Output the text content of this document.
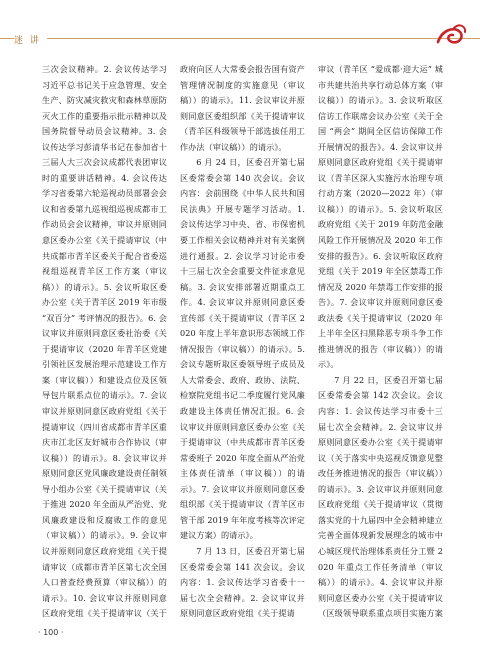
迷 讲

三次会议精神。2. 会议传达学习习近平总书记关于应急管理、安全生产、防灾减灾救灾和森林草原防灭火工作的重要指示批示精神以及国务院督导动员会议精神。3. 会议传达学习彭清华书记在参加省十三届人大三次会议成都代表团审议时的重要讲话精神。4. 会议传达学习省委第六轮巡视动员部署会会议和省委第九巡视组巡视成都市工作动员会会议精神，审议并原则同意区委办公室《关于提请审议（中共成都市青羊区委关于配合省委巡视组巡视青羊区工作方案（审议稿））的请示》。5. 会议听取区委办公室《关于青羊区 2019 年市级 “双百分” 考评情况的报告》。6. 会议审议并原则同意区委社治委《关于提请审议（2020 年青羊区党建引领社区发展治理示范建设工作方案（审议稿））和建设点位及区领导包片联系点位的请示》。7. 会议审议并原则同意区政府党组《关于提请审议（四川省成都市青羊区重庆市江北区友好城市合作协议（审议稿））的请示》。8. 会议审议并原则同意区党风廉政建设责任制领导小组办公室《关于提请审议（关于推进 2020 年全面从严治党、党风廉政建设和反腐败工作的意见（审议稿））的请示》。9. 会议审议并原则同意区政府党组《关于提请审议（成都市青羊区第七次全国人口普查经费预算（审议稿））的请示》。10. 会议审议并原则同意区政府党组《关于提请审议（关于

政府向区人大常委会报告国有资产管理情况制度的实施意见（审议稿））的请示》。11. 会议审议并原则同意区委组织部《关于提请审议（青羊区科级领导干部选拔任用工作办法（审议稿））的请示》。

6 月 24 日，区委召开第七届区委常委会第 140 次会议。会议内容：会前围绕《中华人民共和国民法典》开展专题学习活动。1. 会议传达学习中央、省、市保密机要工作相关会议精神并对有关案例进行通报。2. 会议学习讨论市委十三届七次全会重要文件征求意见稿。3. 会议安排部署近期重点工作。4. 会议审议并原则同意区委宣传部《关于提请审议（青羊区 2020 年度上半年意识形态领域工作情况报告（审议稿））的请示》。5. 会议专题听取区委领导班子成员及人大常委会、政府、政协、法院、检察院党组书记二季度履行党风廉政建设主体责任情况汇报。6. 会议审议并原则同意区委办公室《关于提请审议（中共成都市青羊区委常委班子 2020 年度全面从严治党主体责任清单（审议稿））的请示》。7. 会议审议并原则同意区委组织部《关于提请审议（青羊区市管干部 2019 年年度考核等次评定建议方案）的请示》。

7 月 13 日，区委召开第七届区委常委会第 141 次会议。会议内容：1. 会议传达学习省委十一届七次全会精神。2. 会议审议并原则同意区政府党组《关于提请

审议（青羊区 “爱成都·迎大运” 城市共建共治共享行动总体方案（审议稿））的请示》。3. 会议听取区信访工作联席会议办公室《关于全国 “两会” 期间全区信访保障工作开展情况的报告》。4. 会议审议并原则同意区政府党组《关于提请审议（青羊区深入实施污水治理专项行动方案（2020—2022 年）（审议稿））的请示》。5. 会议听取区政府党组《关于 2019 年防范金融风险工作开展情况及 2020 年工作安排的报告》。6. 会议听取区政府党组《关于 2019 年全区禁毒工作情况及 2020 年禁毒工作安排的报告》。7. 会议审议并原则同意区委政法委《关于提请审议（2020 年上半年全区扫黑除恶专项斗争工作推进情况的报告（审议稿））的请示》。

7 月 22 日，区委召开第七届区委常委会第 142 次会议。会议内容：1. 会议传达学习市委十三届七次全会精神。2. 会议审议并原则同意区委办公室《关于提请审议（关于落实中央巡视反馈意见整改任务推进情况的报告（审议稿））的请示》。3. 会议审议并原则同意区政府党组《关于提请审议（贯彻落实党的十九届四中全会精神建立完善全面体现新发展理念的城市中心城区现代治理体系责任分工暨 2020 年重点工作任务清单（审议稿））的请示》。4. 会议审议并原则同意区委办公室《关于提请审议（区级领导联系重点项目实施方案

· 100 ·
